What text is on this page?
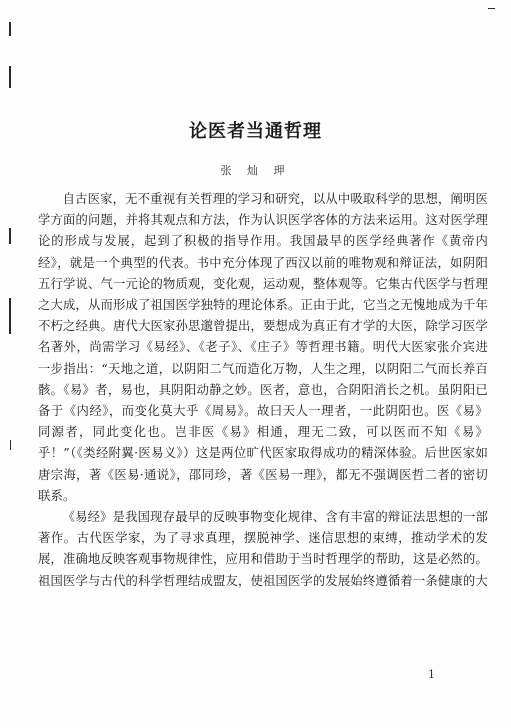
论医者当通哲理
张 灿 玾

自古医家，无不重视有关哲理的学习和研究，以从中吸取科学的思想，阐明医学方面的问题，并将其观点和方法，作为认识医学客体的方法来运用。这对医学理论的形成与发展，起到了积极的指导作用。我国最早的医学经典著作《黄帝内经》，就是一个典型的代表。书中充分体现了西汉以前的唯物观和辩证法，如阴阳五行学说、气一元论的物质观，变化观，运动观，整体观等。它集古代医学与哲理之大成，从而形成了祖国医学独特的理论体系。正由于此，它当之无愧地成为千年不朽之经典。唐代大医家孙思邈曾提出，要想成为真正有才学的大医，除学习医学名著外，尚需学习《易经》、《老子》、《庄子》等哲理书籍。明代大医家张介宾进一步指出：“天地之道，以阴阳二气而造化万物，人生之理，以阴阳二气而长养百骸。《易》者，易也，具阴阳动静之妙。医者，意也，合阴阳消长之机。虽阴阳已备于《内经》，而变化莫大乎《周易》。故曰天人一理者，一此阴阳也。医《易》同源者，同此变化也。岂非医《易》相通，理无二致，可以医而不知《易》乎！”（《类经附翼·医易义》）这是两位旷代医家取得成功的精深体验。后世医家如唐宗海，著《医易·通说》，邵同珍，著《医易一理》，都无不强调医哲二者的密切联系。

《易经》是我国现存最早的反映事物变化规律、含有丰富的辩证法思想的一部著作。古代医学家，为了寻求真理，摆脱神学、迷信思想的束缚，推动学术的发展，准确地反映客观事物规律性，应用和借助于当时哲理学的帮助，这是必然的。祖国医学与古代的科学哲理结成盟友，使祖国医学的发展始终遵循着一条健康的大

1
